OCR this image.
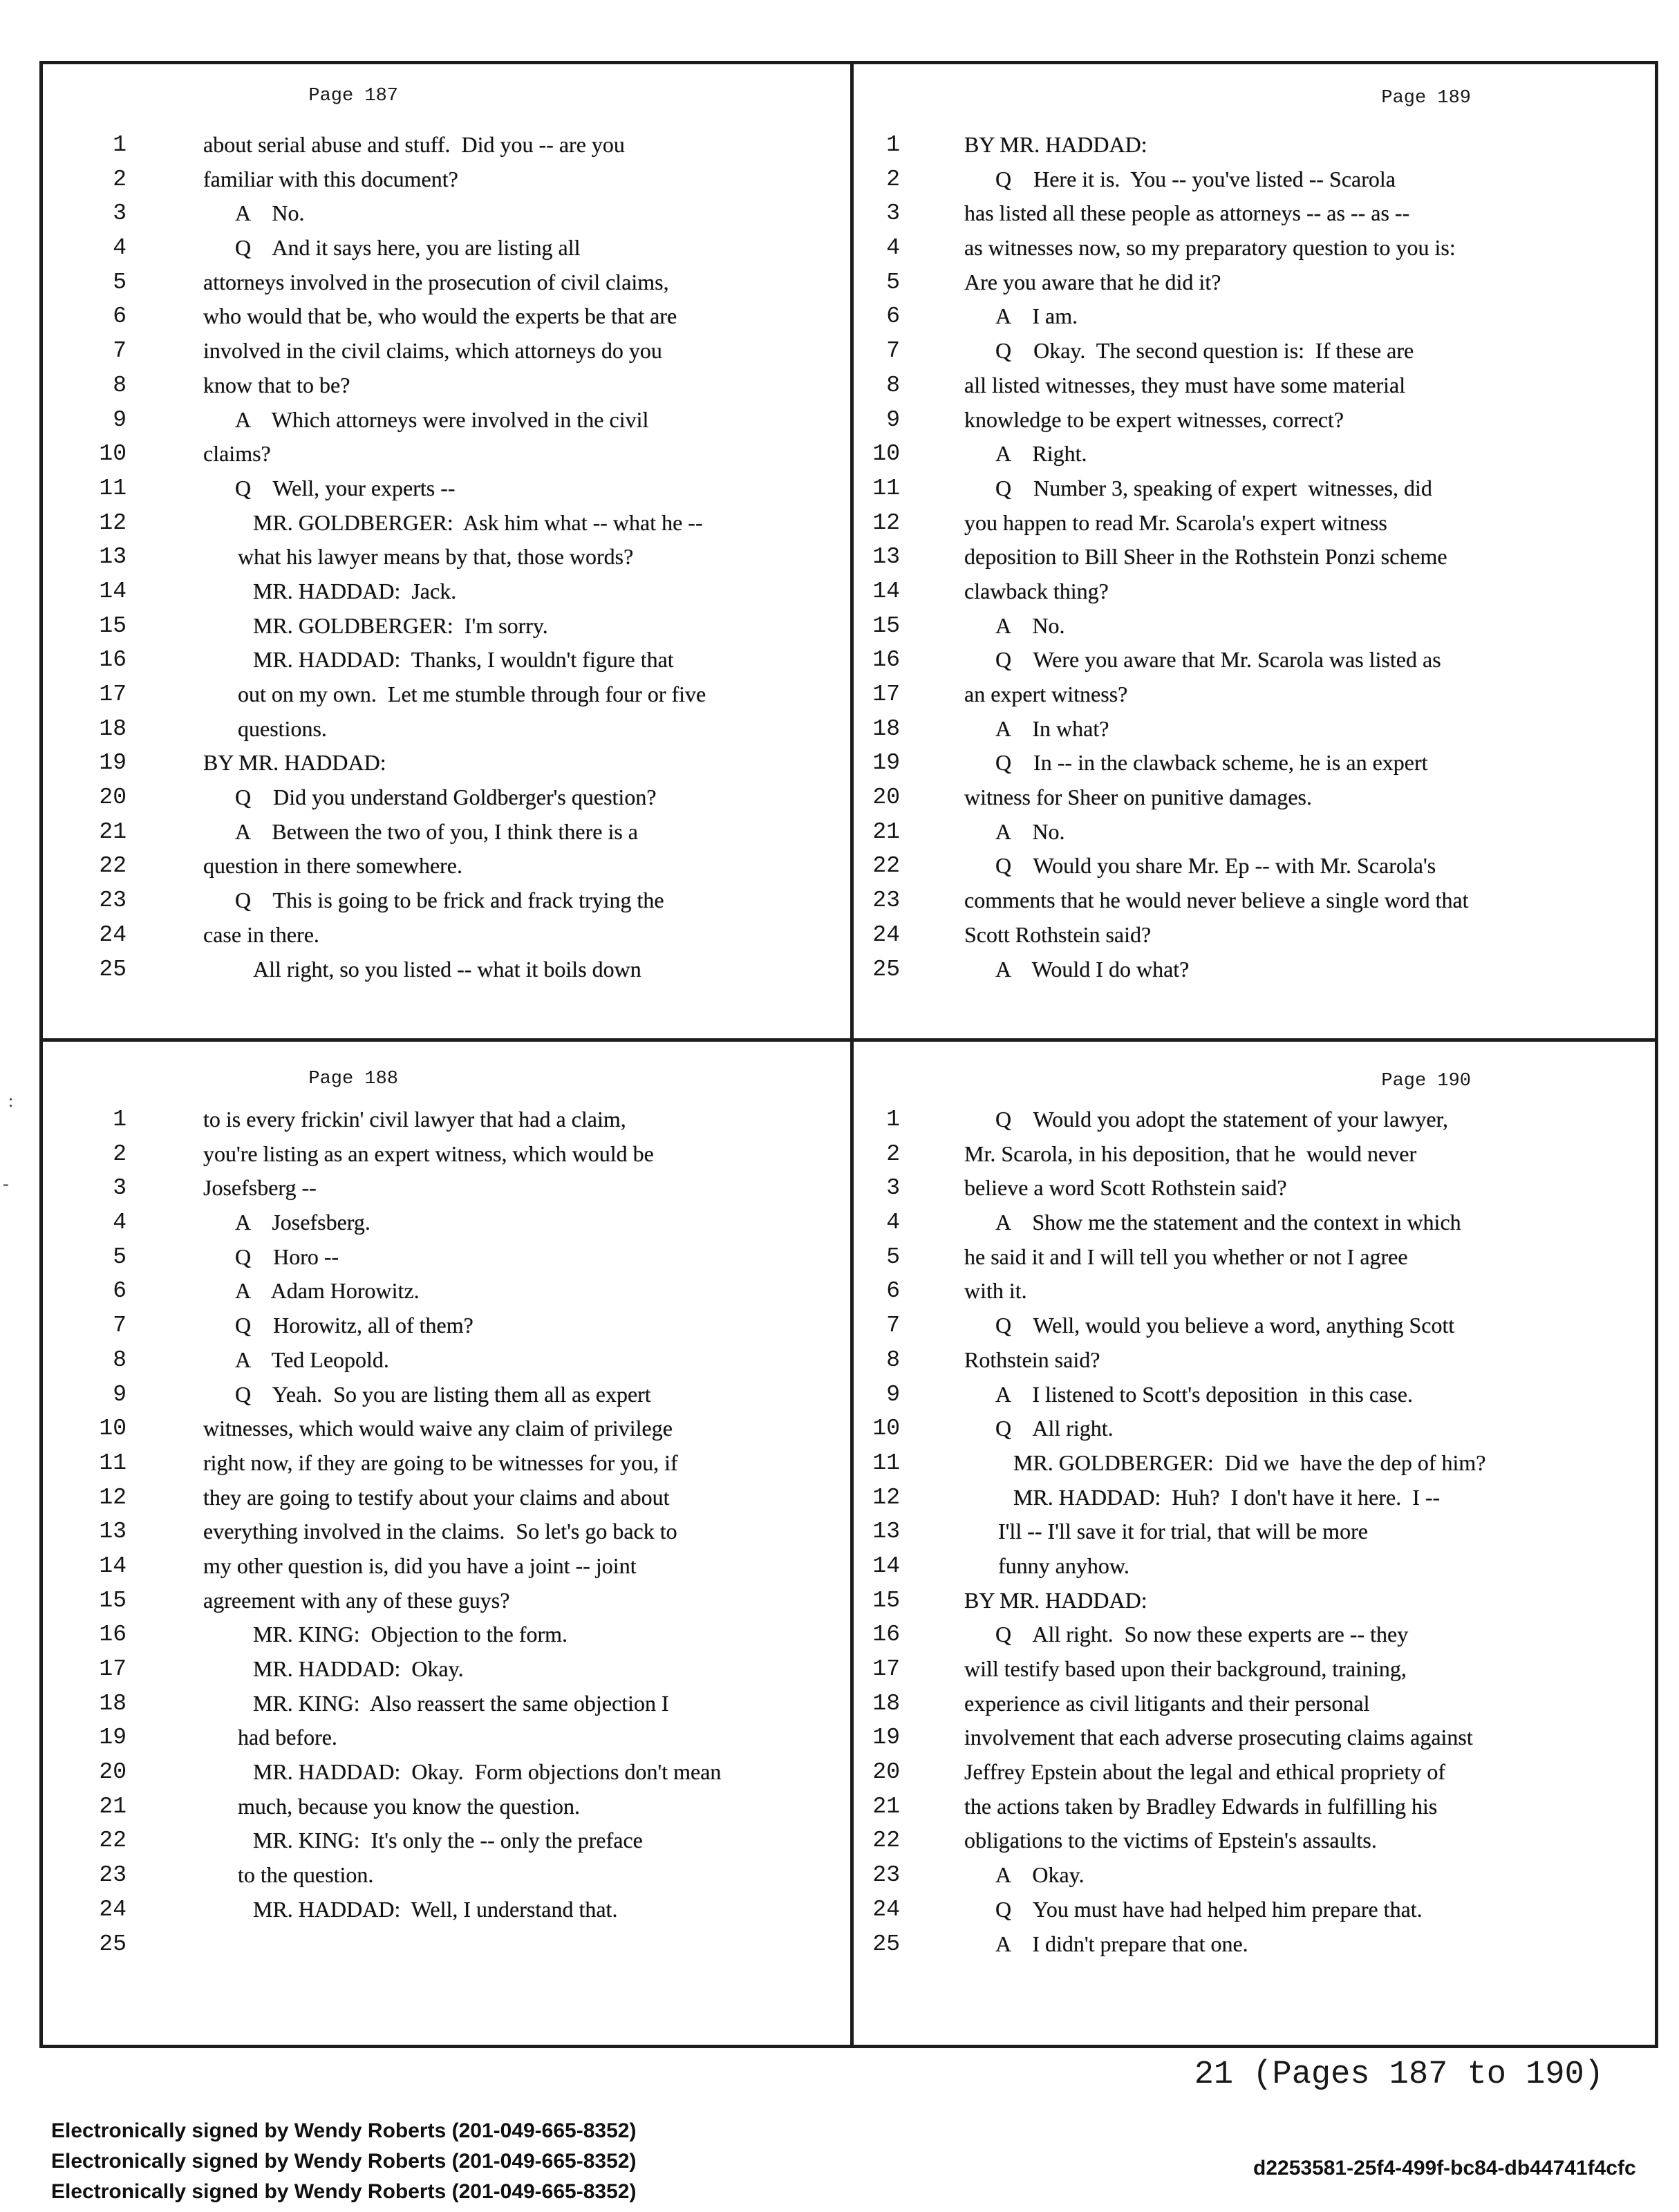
Page 187	Page 189
Page 188	Page 190
1	about serial abuse and stuff.  Did you -- are you
2	familiar with this document?
3	A    No.
4	Q    And it says here, you are listing all
5	attorneys involved in the prosecution of civil claims,
6	who would that be, who would the experts be that are
7	involved in the civil claims, which attorneys do you
8	know that to be?
9	A    Which attorneys were involved in the civil
10	claims?
11	Q    Well, your experts --
12	MR. GOLDBERGER:  Ask him what -- what he --
13	what his lawyer means by that, those words?
14	MR. HADDAD:  Jack.
15	MR. GOLDBERGER:  I'm sorry.
16	MR. HADDAD:  Thanks, I wouldn't figure that
17	out on my own.  Let me stumble through four or five
18	questions.
19	BY MR. HADDAD:
20	Q    Did you understand Goldberger's question?
21	A    Between the two of you, I think there is a
22	question in there somewhere.
23	Q    This is going to be frick and frack trying the
24	case in there.
25	All right, so you listed -- what it boils down
1	BY MR. HADDAD:
2	Q    Here it is.  You -- you've listed -- Scarola
3	has listed all these people as attorneys -- as -- as --
4	as witnesses now, so my preparatory question to you is:
5	Are you aware that he did it?
6	A    I am.
7	Q    Okay.  The second question is:  If these are
8	all listed witnesses, they must have some material
9	knowledge to be expert witnesses, correct?
10	A    Right.
11	Q    Number 3, speaking of expert  witnesses, did
12	you happen to read Mr. Scarola's expert witness
13	deposition to Bill Sheer in the Rothstein Ponzi scheme
14	clawback thing?
15	A    No.
16	Q    Were you aware that Mr. Scarola was listed as
17	an expert witness?
18	A    In what?
19	Q    In -- in the clawback scheme, he is an expert
20	witness for Sheer on punitive damages.
21	A    No.
22	Q    Would you share Mr. Ep -- with Mr. Scarola's
23	comments that he would never believe a single word that
24	Scott Rothstein said?
25	A    Would I do what?
1	to is every frickin' civil lawyer that had a claim,
2	you're listing as an expert witness, which would be
3	Josefsberg --
4	A    Josefsberg.
5	Q    Horo --
6	A    Adam Horowitz.
7	Q    Horowitz, all of them?
8	A    Ted Leopold.
9	Q    Yeah.  So you are listing them all as expert
10	witnesses, which would waive any claim of privilege
11	right now, if they are going to be witnesses for you, if
12	they are going to testify about your claims and about
13	everything involved in the claims.  So let's go back to
14	my other question is, did you have a joint -- joint
15	agreement with any of these guys?
16	MR. KING:  Objection to the form.
17	MR. HADDAD:  Okay.
18	MR. KING:  Also reassert the same objection I
19	had before.
20	MR. HADDAD:  Okay.  Form objections don't mean
21	much, because you know the question.
22	MR. KING:  It's only the -- only the preface
23	to the question.
24	MR. HADDAD:  Well, I understand that.
25
1	Q    Would you adopt the statement of your lawyer,
2	Mr. Scarola, in his deposition, that he  would never
3	believe a word Scott Rothstein said?
4	A    Show me the statement and the context in which
5	he said it and I will tell you whether or not I agree
6	with it.
7	Q    Well, would you believe a word, anything Scott
8	Rothstein said?
9	A    I listened to Scott's deposition  in this case.
10	Q    All right.
11	MR. GOLDBERGER:  Did we  have the dep of him?
12	MR. HADDAD:  Huh?  I don't have it here.  I --
13	I'll -- I'll save it for trial, that will be more
14	funny anyhow.
15	BY MR. HADDAD:
16	Q    All right.  So now these experts are -- they
17	will testify based upon their background, training,
18	experience as civil litigants and their personal
19	involvement that each adverse prosecuting claims against
20	Jeffrey Epstein about the legal and ethical propriety of
21	the actions taken by Bradley Edwards in fulfilling his
22	obligations to the victims of Epstein's assaults.
23	A    Okay.
24	Q    You must have had helped him prepare that.
25	A    I didn't prepare that one.
21 (Pages 187 to 190)
Electronically signed by Wendy Roberts (201-049-665-8352)
Electronically signed by Wendy Roberts (201-049-665-8352)
Electronically signed by Wendy Roberts (201-049-665-8352)
d2253581-25f4-499f-bc84-db44741f4cfc
:
-
